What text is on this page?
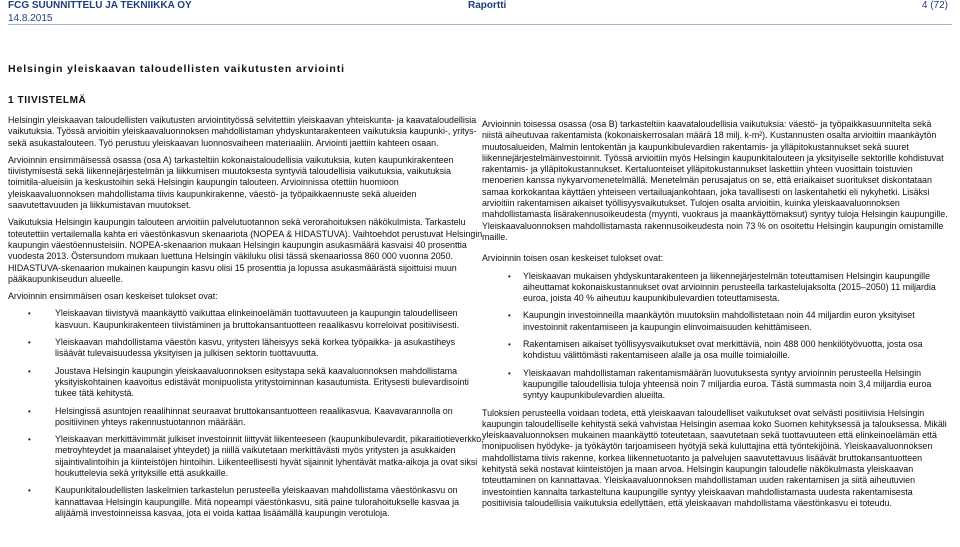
FCG SUUNNITTELU JA TEKNIIKKA OY
14.8.2015
Raportti	4 (72)
Helsingin yleiskaavan taloudellisten vaikutusten arviointi
1 TIIVISTELMÄ

Helsingin yleiskaavan taloudellisten vaikutusten arviointityössä selvitettiin yleiskaavan yhteiskunta- ja kaavataloudellisia vaikutuksia. Työssä arvioitiin yleiskaavaluonnoksen mahdollistaman yhdyskuntarakenteen vaikutuksia kaupunki-, yritys- sekä asukastalouteen. Työ perustuu yleiskaavan luonnosvaiheen materiaaliin. Arviointi jaettiin kahteen osaan.

Arvioinnin ensimmäisessä osassa (osa A) tarkasteltiin kokonaistaloudellisia vaikutuksia, kuten kaupunkirakenteen tiivistymisestä sekä liikennejärjestelmän ja liikkumisen muutoksesta syntyviä taloudellisia vaikutuksia, vaikutuksia toimitila-alueisiin ja keskustoihin sekä Helsingin kaupungin talouteen. Arvioinnissa otettiin huomioon yleiskaavaluonnoksen mahdollistama tiivis kaupunkirakenne, väestö- ja työpaikkaennuste sekä alueiden saavutettavuuden ja liikkumistavan muutokset.

Vaikutuksia Helsingin kaupungin talouteen arvioitiin palvelutuotannon sekä verorahoituksen näkökulmista. Tarkastelu toteutettiin vertailemalla kahta eri väestönkasvun skenaariota (NOPEA & HIDASTUVA). Vaihtoehdot perustuvat Helsingin kaupungin väestöennusteisiin. NOPEA-skenaarion mukaan Helsingin kaupungin asukasmäärä kasvaisi 40 prosenttia vuodesta 2013. Östersundom mukaan luettuna Helsingin väkiluku olisi tässä skenaariossa 860 000 vuonna 2050. HIDASTUVA-skenaarion mukainen kaupungin kasvu olisi 15 prosenttia ja lopussa asukasmäärästä sijoittuisi muun pääkaupunkiseudun alueelle.

Arvioinnin ensimmäisen osan keskeiset tulokset ovat:

•	Yleiskaavan tiivistyvä maankäyttö vaikuttaa elinkeinoelämän tuottavuuteen ja kaupungin taloudelliseen kasvuun. Kaupunkirakenteen tiivistäminen ja bruttokansantuotteen reaalikasvu korreloivat positiivisesti.
•	Yleiskaavan mahdollistama väestön kasvu, yritysten läheisyys sekä korkea työpaikka- ja asukastiheys lisäävät tulevaisuudessa yksityisen ja julkisen sektorin tuottavuutta.
•	Joustava Helsingin kaupungin yleiskaavaluonnoksen esitystapa sekä kaavaluonnoksen mahdollistama yksityiskohtainen kaavoitus edistävät monipuolista yritystoiminnan kasautumista. Eritysesti bulevardisointi tukee tätä kehitystä.
•	Helsingissä asuntojen reaalihinnat seuraavat bruttokansantuotteen reaalikasvua. Kaavavarannolla on positiivinen yhteys rakennustuotannon määrään.
•	Yleiskaavan merkittävimmät julkiset investoinnit liittyvät liikenteeseen (kaupunkibulevardit, pikaraitiotieverkko, metroyhteydet ja maanalaiset yhteydet) ja niillä vaikutetaan merkittävästi myös yritysten ja asukkaiden sijaintivalintoihin ja kiinteistöjen hintoihin. Liikenteellisesti hyvät sijainnit lyhentävät matka-aikoja ja ovat siksi houkuttelevia sekä yrityksille että asukkaille.
•	Kaupunkitaloudellisten laskelmien tarkastelun perusteella yleiskaavan mahdollistama väestönkasvu on kannattavaa Helsingin kaupungille. Mitä nopeampi väestönkasvu, sitä paine tulorahoitukselle kasvaa ja alijäämä investoinneissa kasvaa, jota ei voida kattaa lisäämällä kaupungin verotuloja.

Arvioinnin toisessa osassa (osa B) tarkasteltiin kaavataloudellisia vaikutuksia: väestö- ja työpaikkasuunnitelta sekä niistä aiheutuvaa rakentamista (kokonaiskerrosalan määrä 18 milj. k-m²). Kustannusten osalta arvioitiin maankäytön muutosalueiden, Malmin lentokentän ja kaupunkibulevardien rakentamis- ja ylläpitokustannukset sekä suuret liikennejärjestelmäinvestoinnit. Työssä arvioitiin myös Helsingin kaupunkitalouteen ja yksityiselle sektorille kohdistuvat rakentamis- ja ylläpitokustannukset. Kertaluonteiset ylläpitokustannukset laskettiin yhteen vuosittain toistuvien menoerien kanssa nykyarvomenetelmällä. Menetelmän perusajatus on se, että eriaikaiset suoritukset diskontataan samaa korkokantaa käyttäen yhteiseen vertailuajankohtaan, joka tavallisesti on laskentahetki eli nykyhetki. Lisäksi arvioitiin rakentamisen aikaiset työllisyysvaikutukset. Tulojen osalta arvioitiin, kuinka yleiskaavaluonnoksen mahdollistamasta lisärakennusoikeudesta (myynti, vuokraus ja maankäyttömaksut) syntyy tuloja Helsingin kaupungille. Yleiskaavaluonnoksen mahdollistamasta rakennusoikeudesta noin 73 % on osoitettu Helsingin kaupungin omistamille maille.

Arvioinnin toisen osan keskeiset tulokset ovat:

• Yleiskaavan mukaisen yhdyskuntarakenteen ja liikennejärjestelmän toteuttamisen Helsingin kaupungille aiheuttamat kokonaiskustannukset ovat arvioinnin perusteella tarkastelujaksolta (2015–2050) 11 miljardia euroa, joista 40 % aiheutuu kaupunkibulevardien toteuttamisesta.
• Kaupungin investoinneilla maankäytön muutoksiin mahdollistetaan noin 44 miljardin euron yksityiset investoinnit rakentamiseen ja kaupungin elinvoimaisuuden kehittämiseen.
• Rakentamisen aikaiset työllisyysvaikutukset ovat merkittäviä, noin 488 000 henkilötyövuotta, josta osa kohdistuu välittömästi rakentamiseen alalle ja osa muille toimialoille.
• Yleiskaavan mahdollistaman rakentamismäärän luovutuksesta syntyy arvioinnin perusteella Helsingin kaupungille taloudellisia tuloja yhteensä noin 7 miljardia euroa. Tästä summasta noin 3,4 miljardia euroa syntyy kaupunkibulevardien alueilta.

Tuloksien perusteella voidaan todeta, että yleiskaavan taloudelliset vaikutukset ovat selvästi positiivisia Helsingin kaupungin taloudelliselle kehitystä sekä vahvistaa Helsingin asemaa koko Suomen kehityksessä ja talouksessa. Mikäli yleiskaavaluonnoksen mukainen maankäyttö toteutetaan, saavutetaan sekä tuottavuuteen että elinkeinoelämän että monipuolisen hyödyke- ja työkäytön tarjoamiseen hyötyjä sekä kuluttajina että työntekijöinä. Yleiskaavaluonnoksen mahdollistama tiivis rakenne, korkea liikennetuotanto ja palvelujen saavutettavuus lisäävät bruttokansantuotteen kehitystä sekä nostavat kiinteistöjen ja maan arvoa. Helsingin kaupungin taloudelle näkökulmasta yleiskaavan toteuttaminen on kannattavaa. Yleiskaavaluonnoksen mahdollistaman uuden rakentamisen ja siitä aiheutuvien investointien kannalta tarkasteltuna kaupungille syntyy yleiskaavan mahdollistamasta uudesta rakentamisesta positiivisia taloudellisia vaikutuksia edellyttäen, että yleiskaavan mahdollistama väestönkasvu ei toteudu.
